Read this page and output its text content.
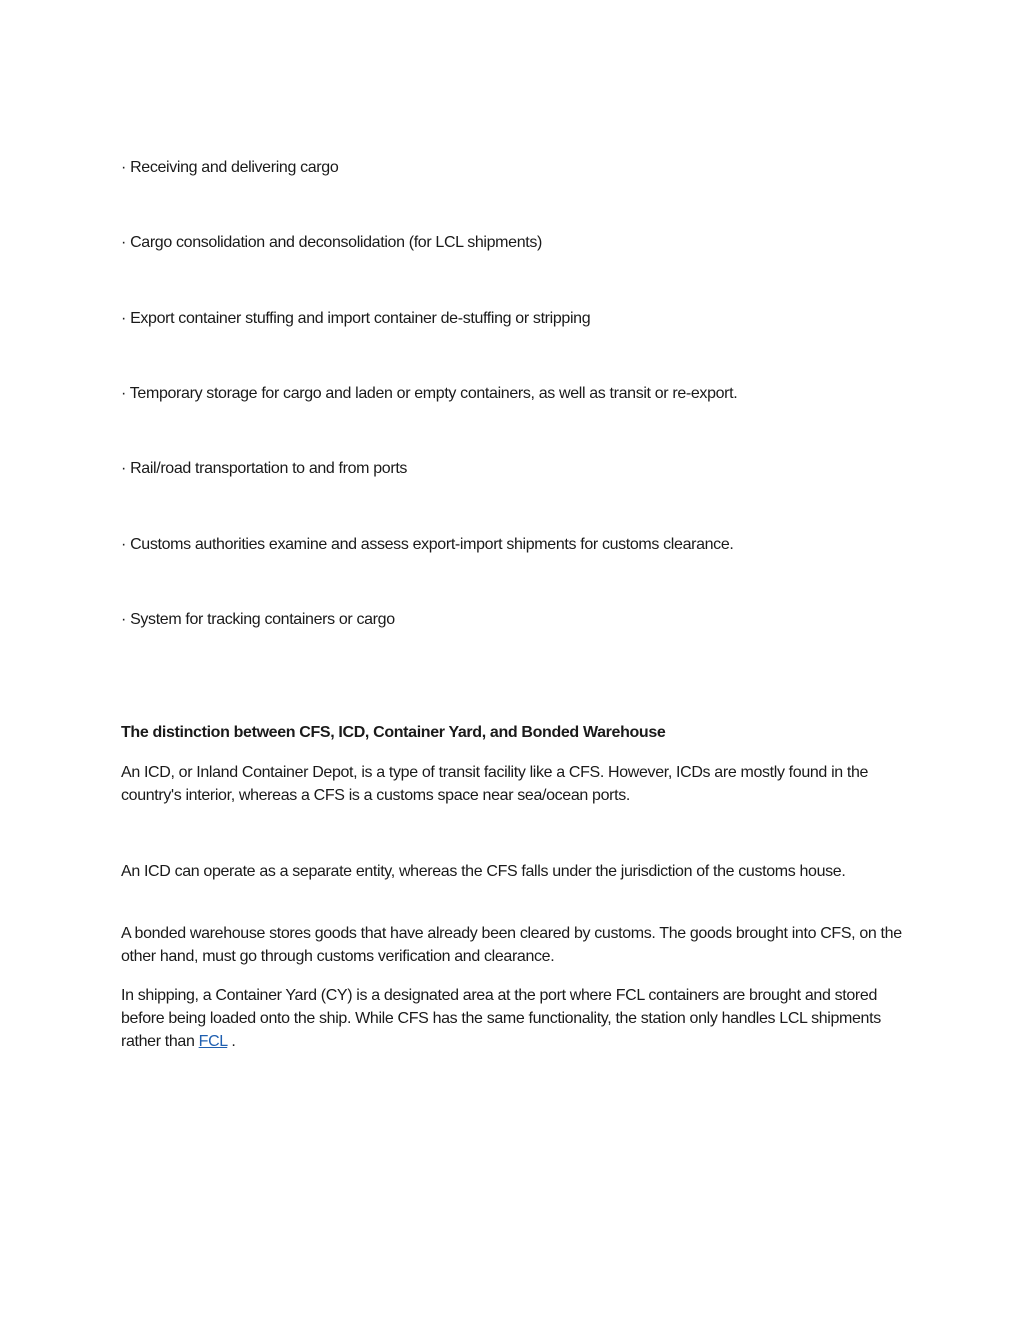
· Receiving and delivering cargo
· Cargo consolidation and deconsolidation (for LCL shipments)
· Export container stuffing and import container de-stuffing or stripping
· Temporary storage for cargo and laden or empty containers, as well as transit or re-export.
· Rail/road transportation to and from ports
· Customs authorities examine and assess export-import shipments for customs clearance.
· System for tracking containers or cargo
The distinction between CFS, ICD, Container Yard, and Bonded Warehouse
An ICD, or Inland Container Depot, is a type of transit facility like a CFS. However, ICDs are mostly found in the country's interior, whereas a CFS is a customs space near sea/ocean ports.
An ICD can operate as a separate entity, whereas the CFS falls under the jurisdiction of the customs house.
A bonded warehouse stores goods that have already been cleared by customs. The goods brought into CFS, on the other hand, must go through customs verification and clearance.
In shipping, a Container Yard (CY) is a designated area at the port where FCL containers are brought and stored before being loaded onto the ship. While CFS has the same functionality, the station only handles LCL shipments rather than FCL .
